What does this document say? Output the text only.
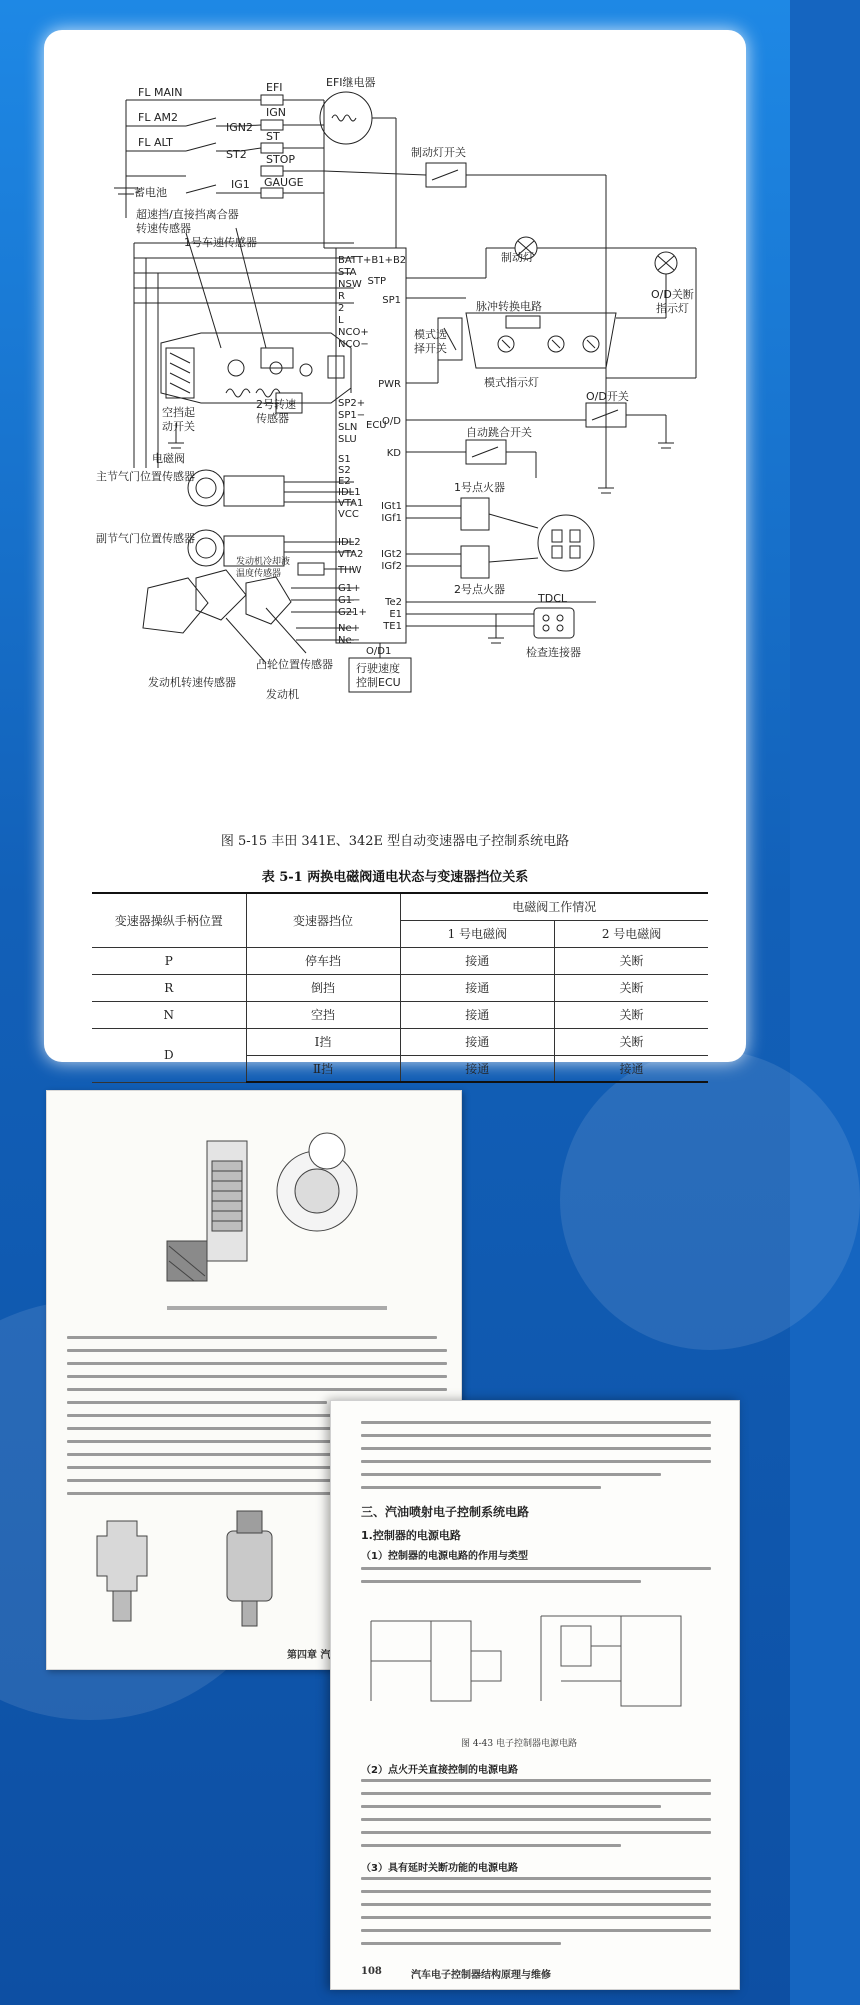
BATT+B1+B2
STA
NSW
R
2
L
NCO+
NCO−
SP2+
SP1−
SLN
SLU
S1
S2
E2
IDL1
VTA1
VCC
IDL2
VTA2
THW
G1+
G1−
G21+
Ne+
Ne−
ECU
STP
SP1
PWR
O/D
KD
IGt1
IGf1
IGt2
IGf2
Te2
E1
TE1
O/D1
FL MAIN
FL AM2
FL ALT
蓄电池
EFI
IGN
IGN2
ST
ST2 STOP
IG1 GAUGE
EFI继电器
制动灯开关
超速挡/直接挡离合器
转速传感器
1号车速传感器
制动灯
O/D关断
指示灯
脉冲转换电路
模式选
择开关
模式指示灯
O/D开关
自动跳合开关
空挡起
动开关
2号转速
传感器
电磁阀
主节气门位置传感器
副节气门位置传感器
发动机冷却液
温度传感器
凸轮位置传感器
发动机转速传感器
发动机
行驶速度
控制ECU
1号点火器
2号点火器
TDCL
检查连接器
图 5-15 丰田 341E、342E 型自动变速器电子控制系统电路
表 5-1 两换电磁阀通电状态与变速器挡位关系
变速器操纵手柄位置	变速器挡位	电磁阀工作情况	
		1 号电磁阀	2 号电磁阀
P	停车挡	接通	关断
R	倒挡	接通	关断
N	空挡	接通	关断
D	Ⅰ挡	接通	关断
	Ⅱ挡	接通	接通
第四章 汽
三、汽油喷射电子控制系统电路
1.控制器的电源电路
（1）控制器的电源电路的作用与类型
图 4-43 电子控制器电源电路
（2）点火开关直接控制的电源电路
（3）具有延时关断功能的电源电路
108	汽车电子控制器结构原理与维修
